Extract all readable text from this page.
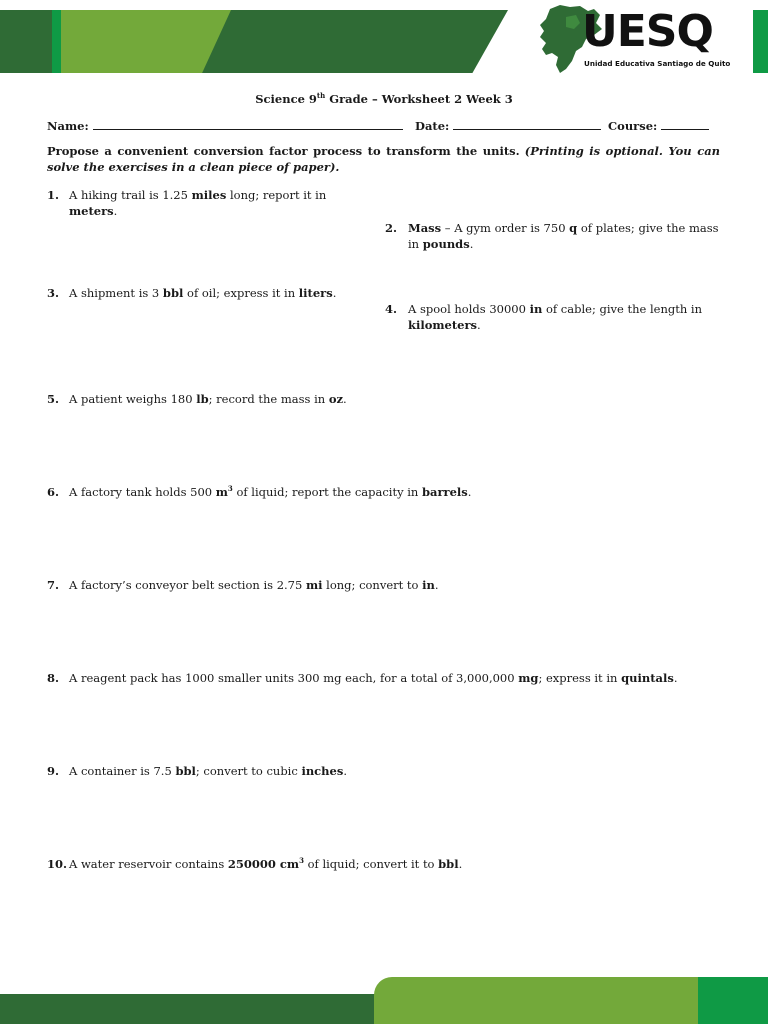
UESQ
Unidad Educativa Santiago de Quito
Science 9th Grade – Worksheet 2 Week 3
Name:	Date:	Course:
Propose a convenient conversion factor process to transform the units. (Printing is optional. You can solve the exercises in a clean piece of paper).
1. A hiking trail is 1.25 miles long; report it in meters.
2. Mass – A gym order is 750 q of plates; give the mass in pounds.
3. A shipment is 3 bbl of oil; express it in liters.
4. A spool holds 30000 in of cable; give the length in kilometers.
5. A patient weighs 180 lb; record the mass in oz.
6. A factory tank holds 500 $m^3$ of liquid; report the capacity in barrels.
7. A factory’s conveyor belt section is 2.75 mi long; convert to in.
8. A reagent pack has 1000 smaller units 300 mg each, for a total of 3,000,000 mg; express it in quintals.
9. A container is 7.5 bbl; convert to cubic inches.
10. A water reservoir contains 250000 $cm^3$ of liquid; convert it to bbl.
